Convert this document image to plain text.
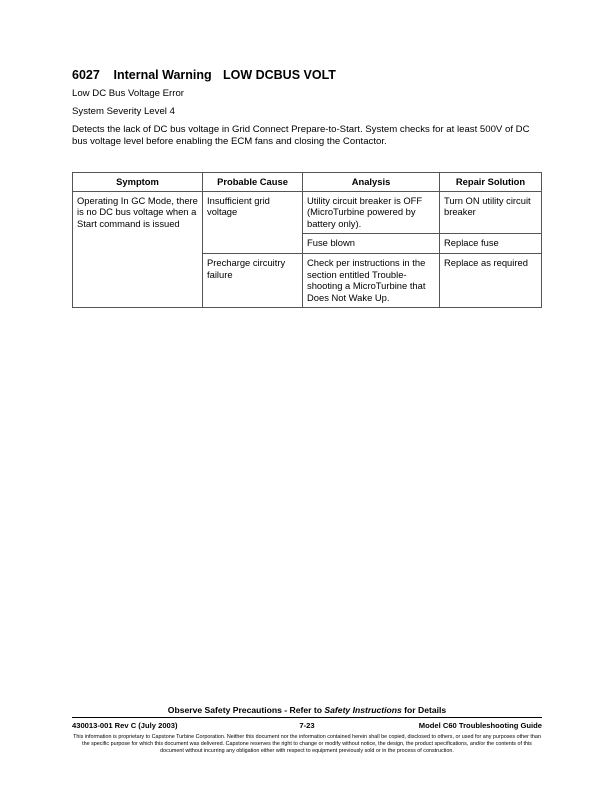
6027 Internal Warning LOW DCBUS VOLT
Low DC Bus Voltage Error
System Severity Level 4
Detects the lack of DC bus voltage in Grid Connect Prepare-to-Start. System checks for at least 500V of DC bus voltage level before enabling the ECM fans and closing the Contactor.
Symptom	Probable Cause	Analysis	Repair Solution
Operating In GC Mode, there is no DC bus voltage when a Start command is issued	Insufficient grid voltage	Utility circuit breaker is OFF (MicroTurbine powered by battery only).	Turn ON utility circuit breaker
		Fuse blown	Replace fuse
	Precharge circuitry failure	Check per instructions in the section entitled Trouble-shooting a MicroTurbine that Does Not Wake Up.	Replace as required
Observe Safety Precautions - Refer to Safety Instructions for Details
430013-001 Rev C (July 2003)	7-23	Model C60 Troubleshooting Guide
This information is proprietary to Capstone Turbine Corporation. Neither this document nor the information contained herein shall be copied, disclosed to others, or used for any purposes other than the specific purpose for which this document was delivered. Capstone reserves the right to change or modify without notice, the design, the product specifications, and/or the contents of this document without incurring any obligation either with respect to equipment previously sold or in the process of construction.
